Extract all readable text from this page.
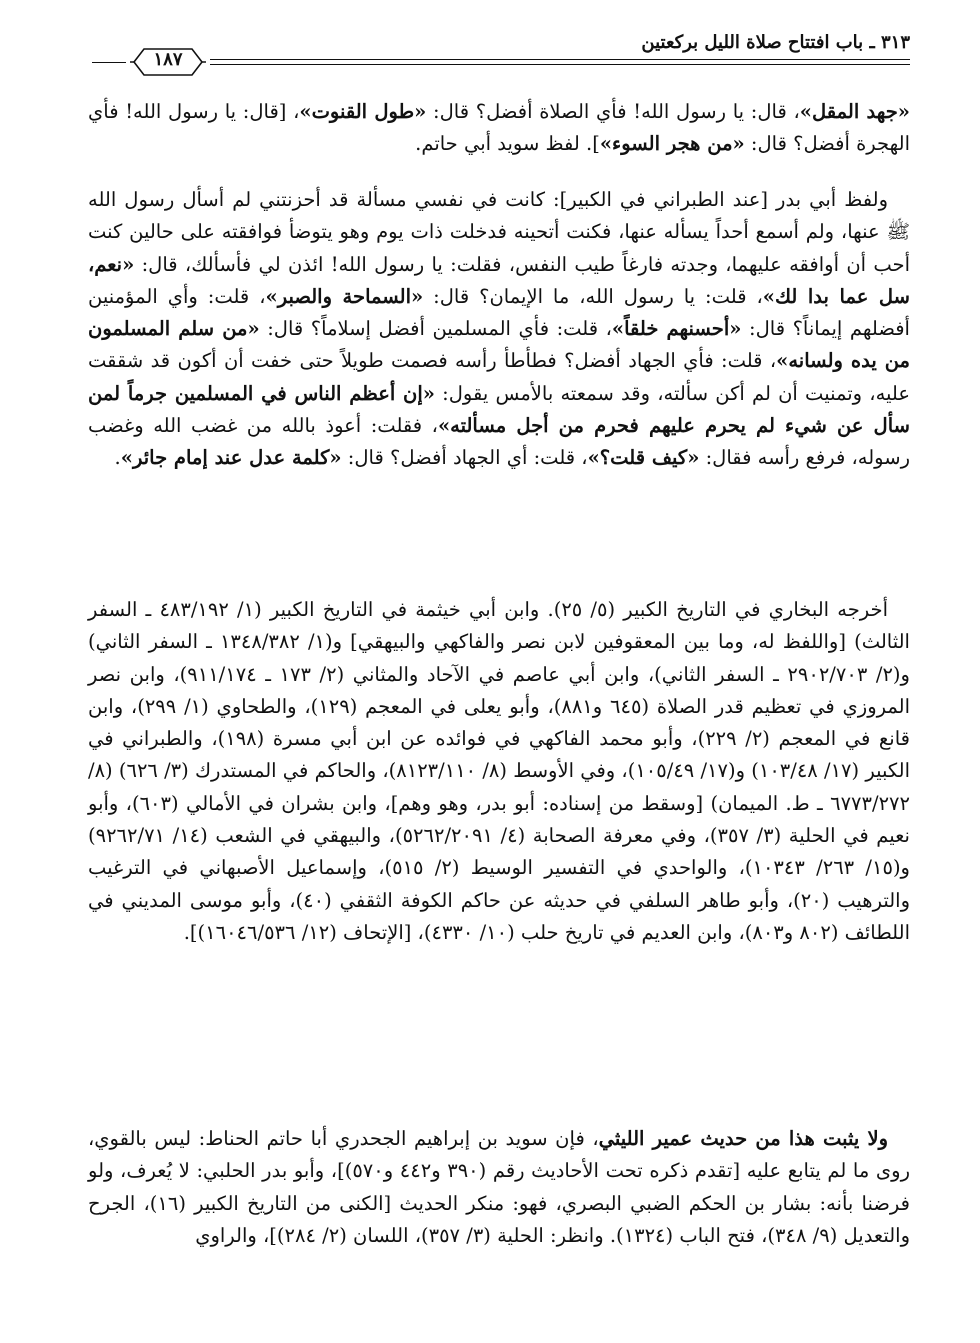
٣١٣ ـ باب افتتاح صلاة الليل بركعتين
١٨٧

«جهد المقل»، قال: يا رسول الله! فأي الصلاة أفضل؟ قال: «طول القنوت»، [قال: يا رسول الله! فأي الهجرة أفضل؟ قال: «من هجر السوء»]. لفظ سويد أبي حاتم.

ولفظ أبي بدر [عند الطبراني في الكبير]: كانت في نفسي مسألة قد أحزنتني لم أسأل رسول الله ﷺ عنها، ولم أسمع أحداً يسأله عنها، فكنت أتحينه فدخلت ذات يوم وهو يتوضأ فوافقته على حالين كنت أحب أن أوافقه عليهما، وجدته فارغاً طيب النفس، فقلت: يا رسول الله! ائذن لي فأسألك، قال: «نعم، سل عما بدا لك»، قلت: يا رسول الله، ما الإيمان؟ قال: «السماحة والصبر»، قلت: وأي المؤمنين أفضلهم إيماناً؟ قال: «أحسنهم خلقاً»، قلت: فأي المسلمين أفضل إسلاماً؟ قال: «من سلم المسلمون من يده ولسانه»، قلت: فأي الجهاد أفضل؟ فطأطأ رأسه فصمت طويلاً حتى خفت أن أكون قد شققت عليه، وتمنيت أن لم أكن سألته، وقد سمعته بالأمس يقول: «إن أعظم الناس في المسلمين جرماً لمن سأل عن شيء لم يحرم عليهم فحرم من أجل مسألته»، فقلت: أعوذ بالله من غضب الله وغضب رسوله، فرفع رأسه فقال: «كيف قلت؟»، قلت: أي الجهاد أفضل؟ قال: «كلمة عدل عند إمام جائر».

أخرجه البخاري في التاريخ الكبير (٥/ ٢٥). وابن أبي خيثمة في التاريخ الكبير (١/ ٤٨٣/١٩٢ ـ السفر الثالث) [واللفظ له، وما بين المعقوفين لابن نصر والفاكهي والبيهقي] و(١/ ١٣٤٨/٣٨٢ ـ السفر الثاني) و(٢/ ٢٩٠٢/٧٠٣ ـ السفر الثاني)، وابن أبي عاصم في الآحاد والمثاني (٢/ ١٧٣ ـ ٩١١/١٧٤)، وابن نصر المروزي في تعظيم قدر الصلاة (٦٤٥ و٨٨١)، وأبو يعلى في المعجم (١٢٩)، والطحاوي (١/ ٢٩٩)، وابن قانع في المعجم (٢/ ٢٢٩)، وأبو محمد الفاكهي في فوائده عن ابن أبي مسرة (١٩٨)، والطبراني في الكبير (١٧/ ١٠٣/٤٨) و(١٧/ ١٠٥/٤٩)، وفي الأوسط (٨/ ٨١٢٣/١١٠)، والحاكم في المستدرك (٣/ ٦٢٦) (٨/ ٦٧٧٣/٢٧٢ ـ ط. الميمان) [وسقط من إسناده: أبو بدر، وهو وهم]، وابن بشران في الأمالي (٦٠٣)، وأبو نعيم في الحلية (٣/ ٣٥٧)، وفي معرفة الصحابة (٤/ ٥٢٦٢/٢٠٩١)، والبيهقي في الشعب (١٤/ ٩٢٦٢/٧١) و(١٥/ ٢٦٣/ ١٠٣٤٣)، والواحدي في التفسير الوسيط (٢/ ٥١٥)، وإسماعيل الأصبهاني في الترغيب والترهيب (٢٠)، وأبو طاهر السلفي في حديثه عن حاكم الكوفة الثقفي (٤٠)، وأبو موسى المديني في اللطائف (٨٠٢ و٨٠٣)، وابن العديم في تاريخ حلب (١٠/ ٤٣٣٠)، [الإتحاف (١٢/ ١٦٠٤٦/٥٣٦)].

ولا يثبت هذا من حديث عمير الليثي، فإن سويد بن إبراهيم الجحدري أبا حاتم الحناط: ليس بالقوي، روى ما لم يتابع عليه [تقدم ذكره تحت الأحاديث رقم (٣٩٠ و٤٤٢ و٥٧٠)]، وأبو بدر الحلبي: لا يُعرف، ولو فرضنا بأنه: بشار بن الحكم الضبي البصري، فهو: منكر الحديث [الكنى من التاريخ الكبير (١٦)، الجرح والتعديل (٩/ ٣٤٨)، فتح الباب (١٣٢٤). وانظر: الحلية (٣/ ٣٥٧)، اللسان (٢/ ٢٨٤)]، والراوي
